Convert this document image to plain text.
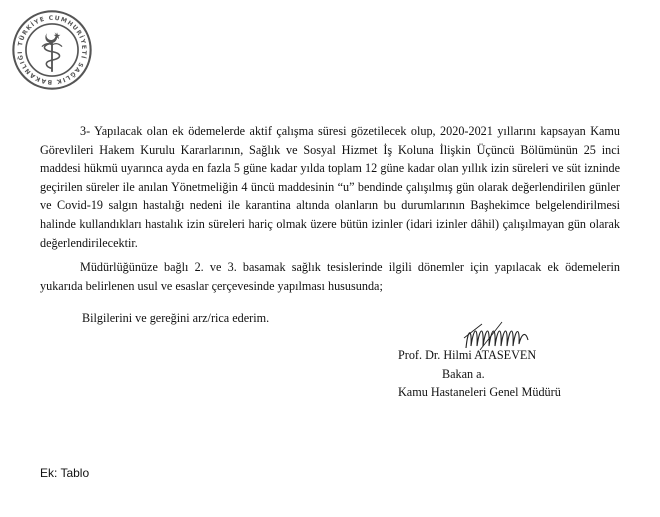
TÜRKİYE CUMHURİYETİ SAĞLIK BAKANLIĞI

3- Yapılacak olan ek ödemelerde aktif çalışma süresi gözetilecek olup, 2020-2021 yıllarını kapsayan Kamu Görevlileri Hakem Kurulu Kararlarının, Sağlık ve Sosyal Hizmet İş Koluna İlişkin Üçüncü Bölümünün 25 inci maddesi hükmü uyarınca ayda en fazla 5 güne kadar yılda toplam 12 güne kadar olan yıllık izin süreleri ve süt izninde geçirilen süreler ile anılan Yönetmeliğin 4 üncü maddesinin “u” bendinde çalışılmış gün olarak değerlendirilen günler ve Covid-19 salgın hastalığı nedeni ile karantina altında olanların bu durumlarının Başhekimce belgelendirilmesi halinde kullandıkları hastalık izin süreleri hariç olmak üzere bütün izinler (idari izinler dâhil) çalışılmayan gün olarak değerlendirilecektir.

Müdürlüğünüze bağlı 2. ve 3. basamak sağlık tesislerinde ilgili dönemler için yapılacak ek ödemelerin yukarıda belirlenen usul ve esaslar çerçevesinde yapılması hususunda;

Bilgilerini ve gereğini arz/rica ederim.

Prof. Dr. Hilmi ATASEVEN
Bakan a.
Kamu Hastaneleri Genel Müdürü
Ek: Tablo
